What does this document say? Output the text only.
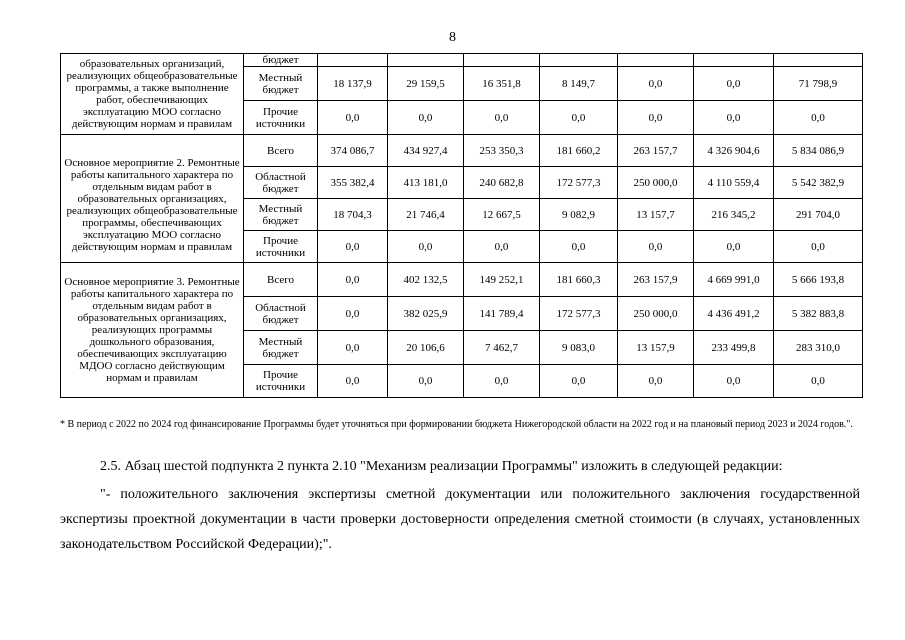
8
образовательных организаций, реализующих общеобразовательные программы, а также выполнение работ, обеспечивающих эксплуатацию МОО согласно действующим нормам и правилам	бюджет							
	Местный бюджет	18 137,9	29 159,5	16 351,8	8 149,7	0,0	0,0	71 798,9
	Прочие источники	0,0	0,0	0,0	0,0	0,0	0,0	0,0
Основное мероприятие 2. Ремонтные работы капитального характера по отдельным видам работ в образовательных организациях, реализующих общеобразовательные программы, обеспечивающих эксплуатацию МОО согласно действующим нормам и правилам	Всего	374 086,7	434 927,4	253 350,3	181 660,2	263 157,7	4 326 904,6	5 834 086,9
	Областной бюджет	355 382,4	413 181,0	240 682,8	172 577,3	250 000,0	4 110 559,4	5 542 382,9
	Местный бюджет	18 704,3	21 746,4	12 667,5	9 082,9	13 157,7	216 345,2	291 704,0
	Прочие источники	0,0	0,0	0,0	0,0	0,0	0,0	0,0
Основное мероприятие 3. Ремонтные работы капитального характера по отдельным видам работ в образовательных организациях, реализующих программы дошкольного образования, обеспечивающих эксплуатацию МДОО согласно действующим нормам и правилам	Всего	0,0	402 132,5	149 252,1	181 660,3	263 157,9	4 669 991,0	5 666 193,8
	Областной бюджет	0,0	382 025,9	141 789,4	172 577,3	250 000,0	4 436 491,2	5 382 883,8
	Местный бюджет	0,0	20 106,6	7 462,7	9 083,0	13 157,9	233 499,8	283 310,0
	Прочие источники	0,0	0,0	0,0	0,0	0,0	0,0	0,0
* В период с 2022 по 2024 год финансирование Программы будет уточняться при формировании бюджета Нижегородской области на 2022 год и на плановый период 2023 и 2024 годов.".
2.5. Абзац шестой подпункта 2 пункта 2.10 "Механизм реализации Программы" изложить в следующей редакции:
"- положительного заключения экспертизы сметной документации или положительного заключения государственной экспертизы проектной документации в части проверки достоверности определения сметной стоимости (в случаях, установленных законодательством Российской Федерации);".
